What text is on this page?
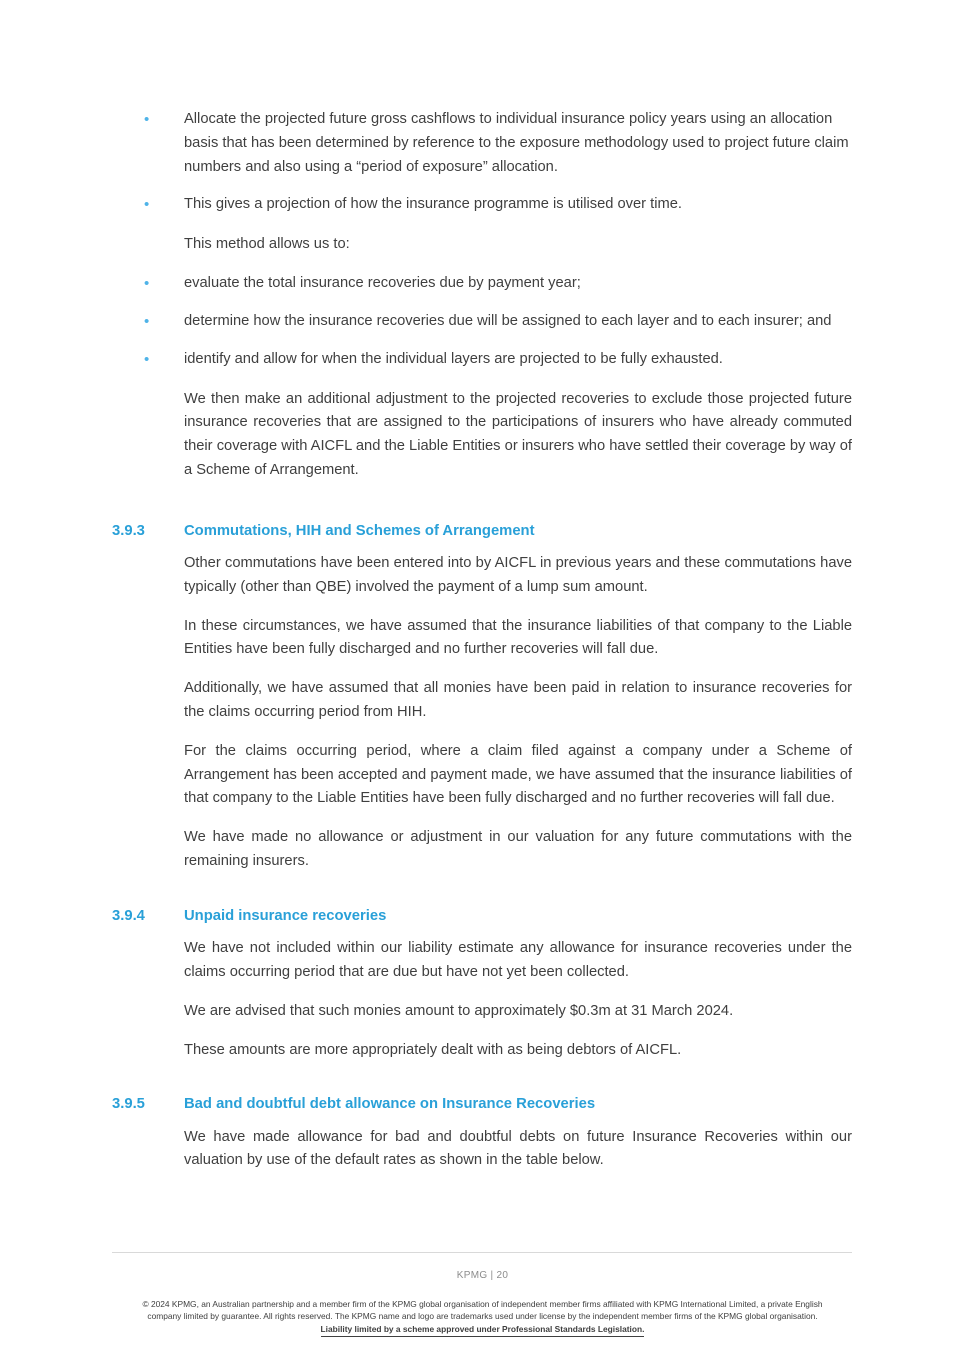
• Allocate the projected future gross cashflows to individual insurance policy years using an allocation basis that has been determined by reference to the exposure methodology used to project future claim numbers and also using a “period of exposure” allocation.
• This gives a projection of how the insurance programme is utilised over time.

This method allows us to:

• evaluate the total insurance recoveries due by payment year;
• determine how the insurance recoveries due will be assigned to each layer and to each insurer; and
• identify and allow for when the individual layers are projected to be fully exhausted.

We then make an additional adjustment to the projected recoveries to exclude those projected future insurance recoveries that are assigned to the participations of insurers who have already commuted their coverage with AICFL and the Liable Entities or insurers who have settled their coverage by way of a Scheme of Arrangement.

3.9.3	Commutations, HIH and Schemes of Arrangement

Other commutations have been entered into by AICFL in previous years and these commutations have typically (other than QBE) involved the payment of a lump sum amount.

In these circumstances, we have assumed that the insurance liabilities of that company to the Liable Entities have been fully discharged and no further recoveries will fall due.

Additionally, we have assumed that all monies have been paid in relation to insurance recoveries for the claims occurring period from HIH.

For the claims occurring period, where a claim filed against a company under a Scheme of Arrangement has been accepted and payment made, we have assumed that the insurance liabilities of that company to the Liable Entities have been fully discharged and no further recoveries will fall due.

We have made no allowance or adjustment in our valuation for any future commutations with the remaining insurers.

3.9.4	Unpaid insurance recoveries

We have not included within our liability estimate any allowance for insurance recoveries under the claims occurring period that are due but have not yet been collected.

We are advised that such monies amount to approximately $0.3m at 31 March 2024.

These amounts are more appropriately dealt with as being debtors of AICFL.

3.9.5	Bad and doubtful debt allowance on Insurance Recoveries

We have made allowance for bad and doubtful debts on future Insurance Recoveries within our valuation by use of the default rates as shown in the table below.

KPMG | 20
© 2024 KPMG, an Australian partnership and a member firm of the KPMG global organisation of independent member firms affiliated with KPMG International Limited, a private English
company limited by guarantee. All rights reserved. The KPMG name and logo are trademarks used under license by the independent member firms of the KPMG global organisation.
Liability limited by a scheme approved under Professional Standards Legislation.
